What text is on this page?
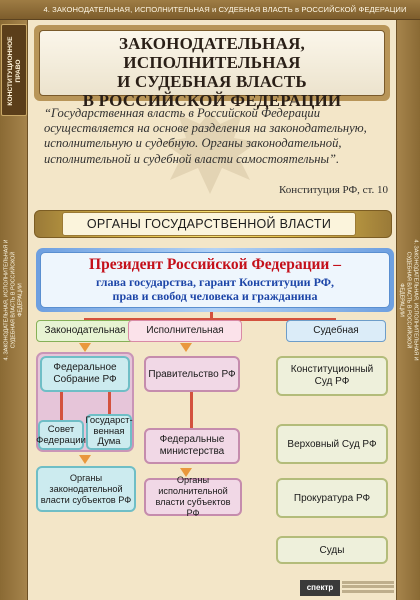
4. ЗАКОНОДАТЕЛЬНАЯ, ИСПОЛНИТЕЛЬНАЯ и СУДЕБНАЯ ВЛАСТЬ в РОССИЙСКОЙ ФЕДЕРАЦИИ
КОНСТИТУЦИОННОЕ ПРАВО
4. ЗАКОНОДАТЕЛЬНАЯ, ИСПОЛНИТЕЛЬНАЯ И СУДЕБНАЯ ВЛАСТЬ В РОССИЙСКОЙ ФЕДЕРАЦИИ	4. ЗАКОНОДАТЕЛЬНАЯ, ИСПОЛНИТЕЛЬНАЯ И СУДЕБНАЯ ВЛАСТЬ В РОССИЙСКОЙ ФЕДЕРАЦИИ
ЗАКОНОДАТЕЛЬНАЯ, ИСПОЛНИТЕЛЬНАЯ
И СУДЕБНАЯ ВЛАСТЬ
В РОССИЙСКОЙ ФЕДЕРАЦИИ
“Государственная власть в Российской Федерации осуществляется на основе разделения на законодательную, исполнительную и судебную. Органы законодательной, исполнительной и судебной власти самостоятельны”.
Конституция РФ, ст. 10
ОРГАНЫ ГОСУДАРСТВЕННОЙ ВЛАСТИ
Президент Российской Федерации –
глава государства, гарант Конституции РФ,
прав и свобод человека и гражданина
Законодательная	Исполнительная	Судебная
Федеральное
Собрание РФ
Совет
Федерации
Государст-
венная
Дума
Органы законодательной
власти субъектов РФ
Правительство РФ
Федеральные
министерства
Органы исполнительной
власти субъектов РФ
Конституционный
Суд РФ
Верховный Суд РФ
Прокуратура РФ
Суды
спектр
